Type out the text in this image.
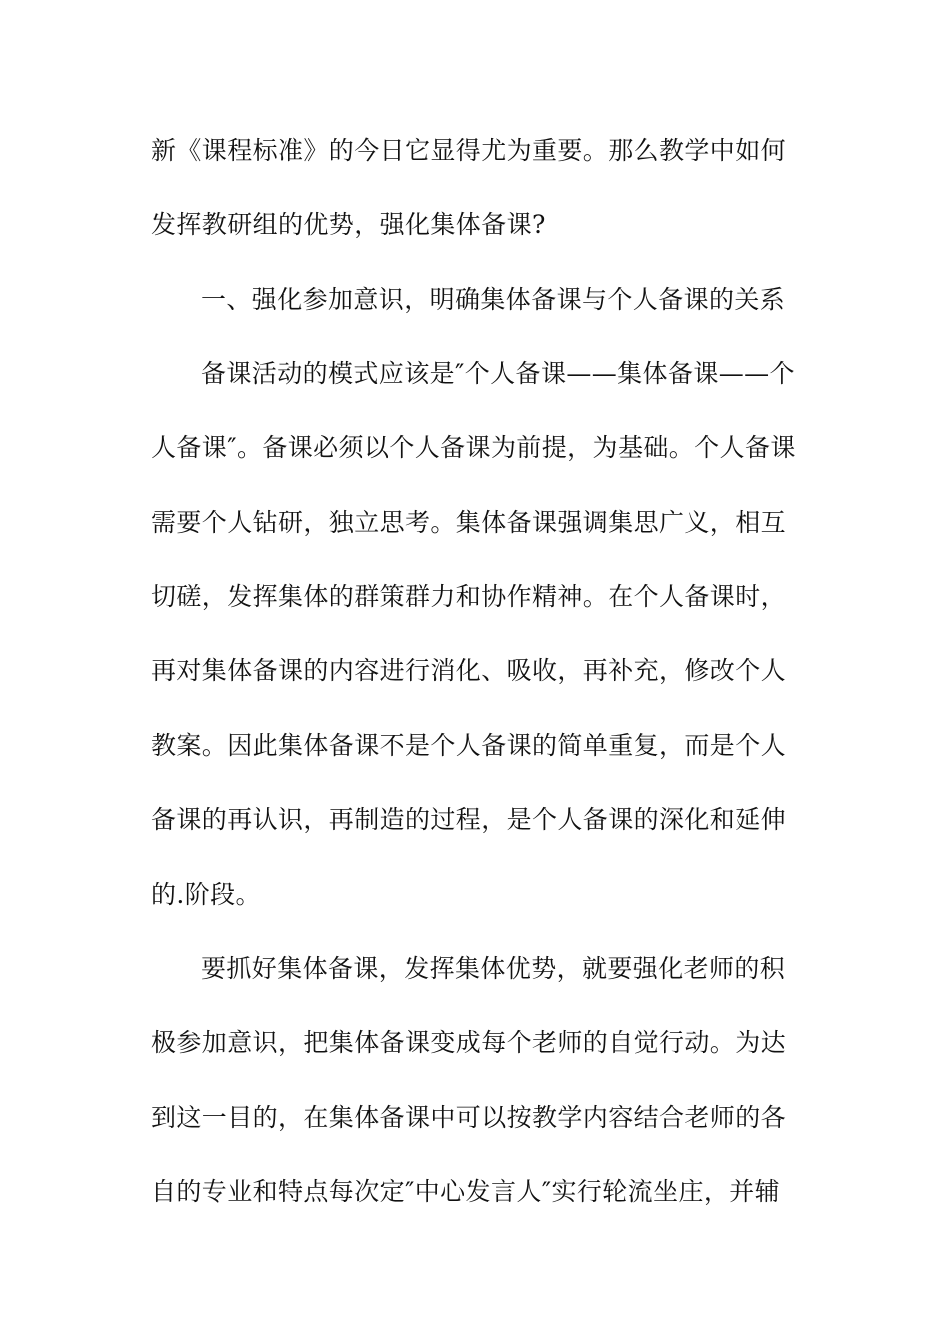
新《课程标准》的今日它显得尤为重要。那么教学中如何
发挥教研组的优势，强化集体备课?
一、强化参加意识，明确集体备课与个人备课的关系
备课活动的模式应该是″个人备课——集体备课——个
人备课″。备课必须以个人备课为前提，为基础。个人备课
需要个人钻研，独立思考。集体备课强调集思广义，相互
切磋，发挥集体的群策群力和协作精神。在个人备课时，
再对集体备课的内容进行消化、吸收，再补充，修改个人
教案。因此集体备课不是个人备课的简单重复，而是个人
备课的再认识，再制造的过程，是个人备课的深化和延伸
的.阶段。
要抓好集体备课，发挥集体优势，就要强化老师的积
极参加意识，把集体备课变成每个老师的自觉行动。为达
到这一目的，在集体备课中可以按教学内容结合老师的各
自的专业和特点每次定″中心发言人″实行轮流坐庄，并辅
